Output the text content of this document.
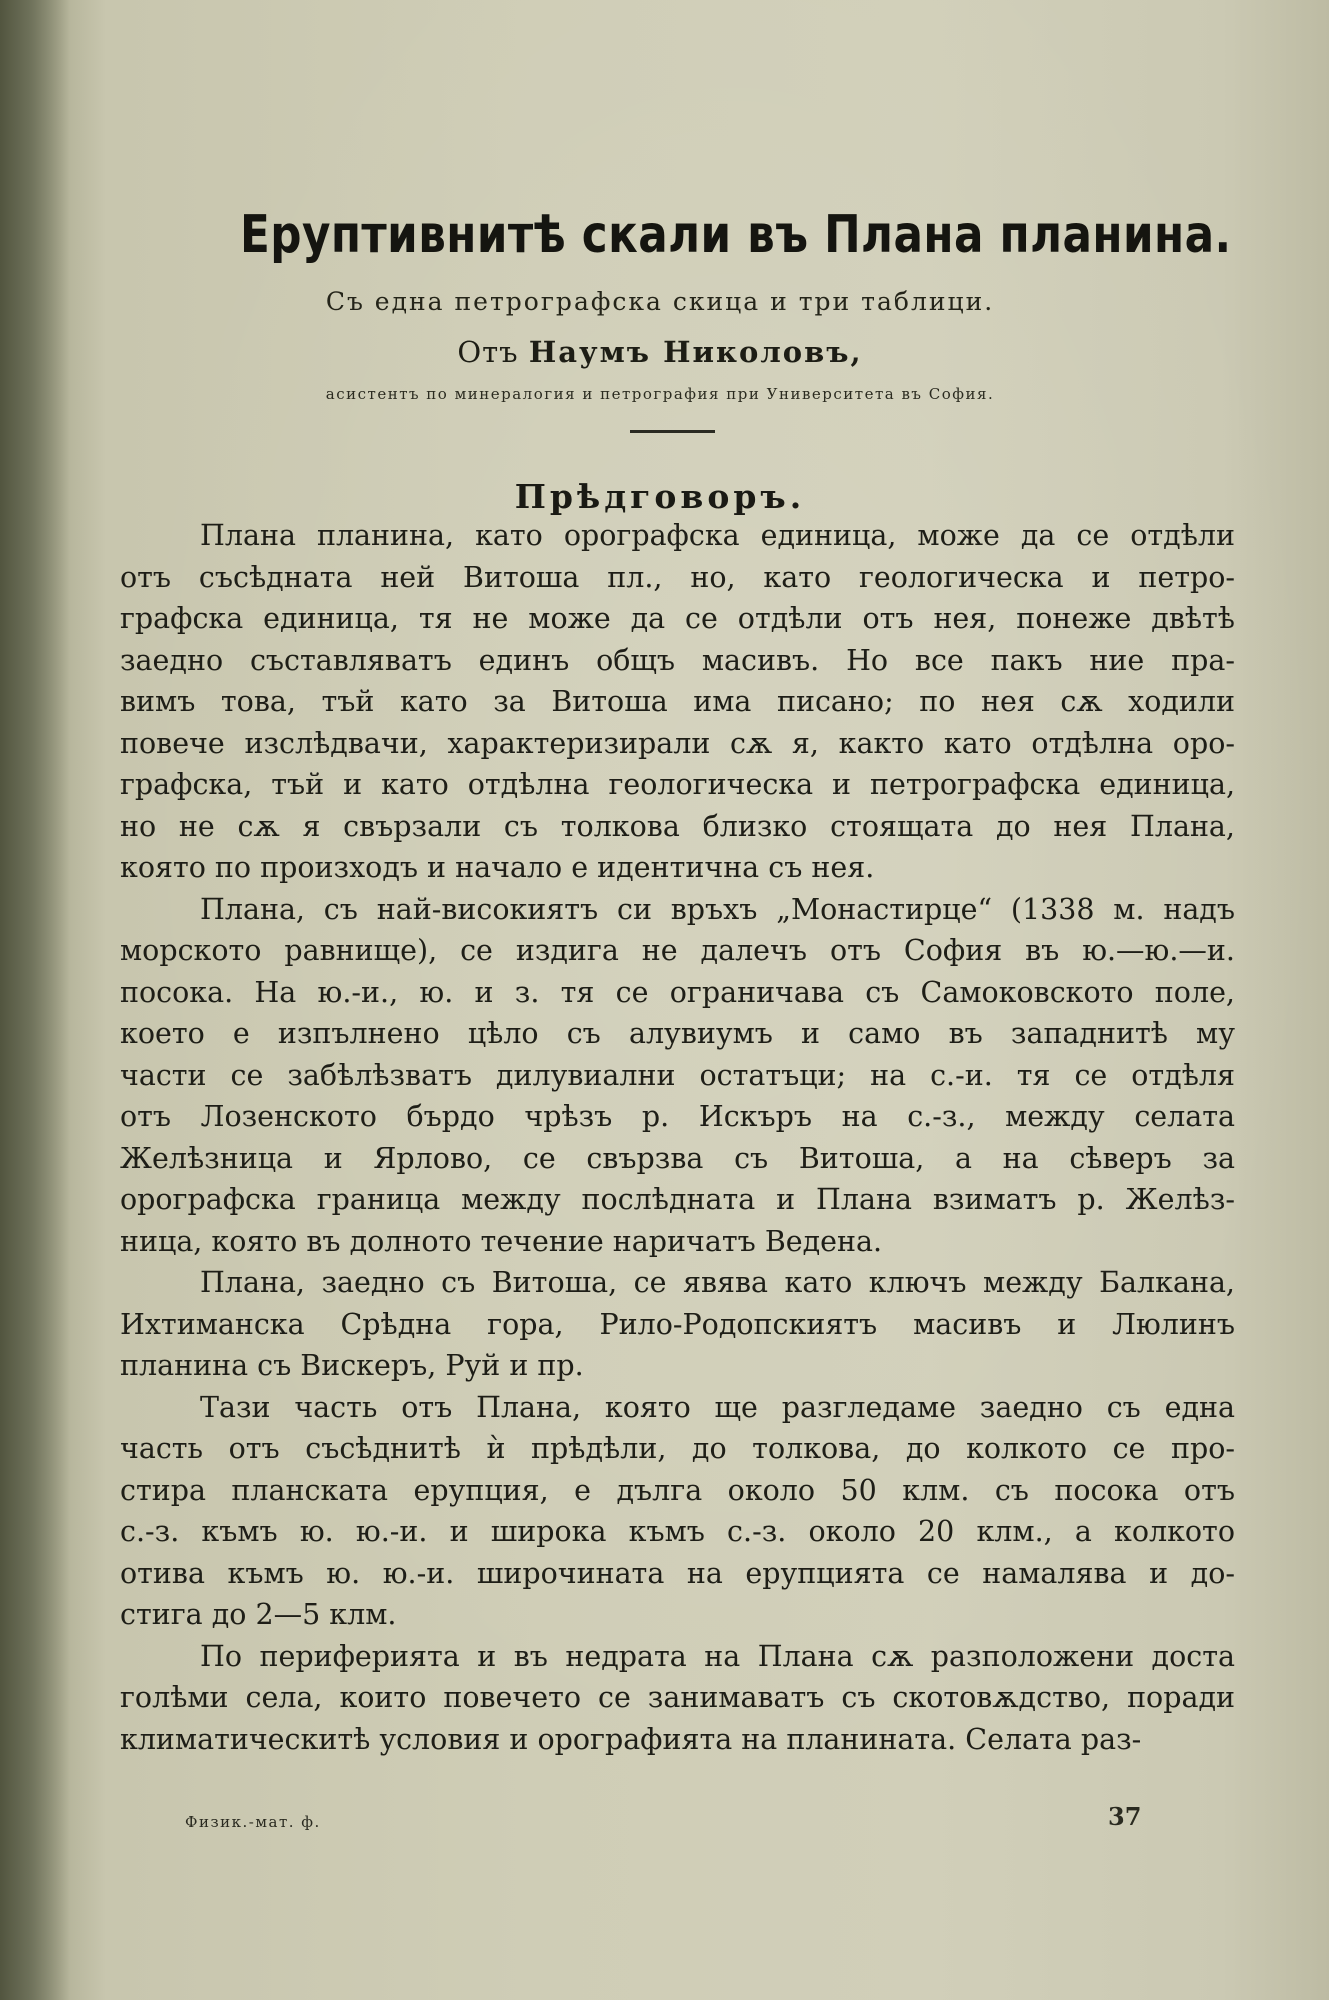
Еруптивнитѣ скали въ Плана планина.
Съ една петрографска скица и три таблици.
Отъ Наумъ Николовъ,
асистентъ по минералогия и петрография при Университета въ София.
Прѣдговоръ.
Плана планина, като орографска единица, може да се отдѣли
отъ съсѣдната ней Витоша пл., но, като геологическа и петро-
графска единица, тя не може да се отдѣли отъ нея, понеже двѣтѣ
заедно съставляватъ единъ общъ масивъ. Но все пакъ ние пра-
вимъ това, тъй като за Витоша има писано; по нея сѫ ходили
повече изслѣдвачи, характеризирали сѫ я, както като отдѣлна оро-
графска, тъй и като отдѣлна геологическа и петрографска единица,
но не сѫ я свързали съ толкова близко стоящата до нея Плана,
която по произходъ и начало е идентична съ нея.
Плана, съ най-високиятъ си връхъ „Монастирце“ (1338 м. надъ
морското равнище), се издига не далечъ отъ София въ ю.—ю.—и.
посока. На ю.-и., ю. и з. тя се ограничава съ Самоковското поле,
което е изпълнено цѣло съ алувиумъ и само въ западнитѣ му
части се забѣлѣзватъ дилувиални остатъци; на с.-и. тя се отдѣля
отъ Лозенското бърдо чрѣзъ р. Искъръ на с.-з., между селата
Желѣзница и Ярлово, се свързва съ Витоша, а на сѣверъ за
орографска граница между послѣдната и Плана взиматъ р. Желѣз-
ница, която въ долното течение наричатъ Ведена.
Плана, заедно съ Витоша, се явява като ключъ между Балкана,
Ихтиманска Срѣдна гора, Рило-Родопскиятъ масивъ и Люлинъ
планина съ Вискеръ, Руй и пр.
Тази часть отъ Плана, която ще разгледаме заедно съ една
часть отъ съсѣднитѣ ѝ прѣдѣли, до толкова, до колкото се про-
стира планската ерупция, е дълга около 50 клм. съ посока отъ
с.-з. къмъ ю. ю.-и. и широка къмъ с.-з. около 20 клм., а колкото
отива къмъ ю. ю.-и. широчината на ерупцията се намалява и до-
стига до 2—5 клм.
По периферията и въ недрата на Плана сѫ разположени доста
голѣми села, които повечето се занимаватъ съ скотовѫдство, поради
климатическитѣ условия и орографията на планината. Селата раз-
Физик.-мат. ф.	37
